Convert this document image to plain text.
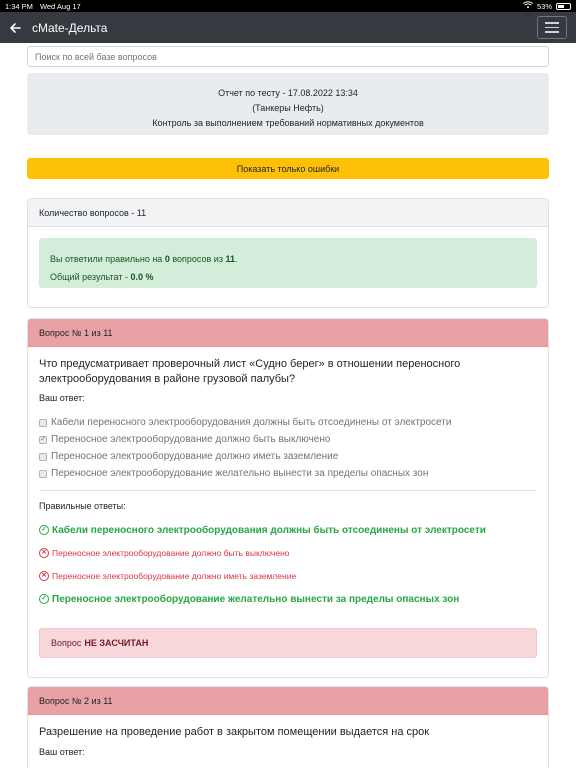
1:34 PM Wed Aug 17	53%
cMate-Дельта
Поиск по всей базе вопросов
Отчет по тесту - 17.08.2022 13:34
(Танкеры Нефть)
Контроль за выполнением требований нормативных документов
Показать только ошибки
Количество вопросов - 11
Вы ответили правильно на 0 вопросов из 11.
Общий результат - 0.0 %
Вопрос № 1 из 11
Что предусматривает проверочный лист «Судно берег» в отношении переносного электрооборудования в районе грузовой палубы?
Ваш ответ:
Кабели переносного электрооборудования должны быть отсоединены от электросети
✓ Переносное электрооборудование должно быть выключено
Переносное электрооборудование должно иметь заземление
Переносное электрооборудование желательно вынести за пределы опасных зон
Правильные ответы:
✓ Кабели переносного электрооборудования должны быть отсоединены от электросети
✕ Переносное электрооборудование должно быть выключено
✕ Переносное электрооборудование должно иметь заземление
✓ Переносное электрооборудование желательно вынести за пределы опасных зон
Вопрос НЕ ЗАСЧИТАН
Вопрос № 2 из 11
Разрешение на проведение работ в закрытом помещении выдается на срок
Ваш ответ:
